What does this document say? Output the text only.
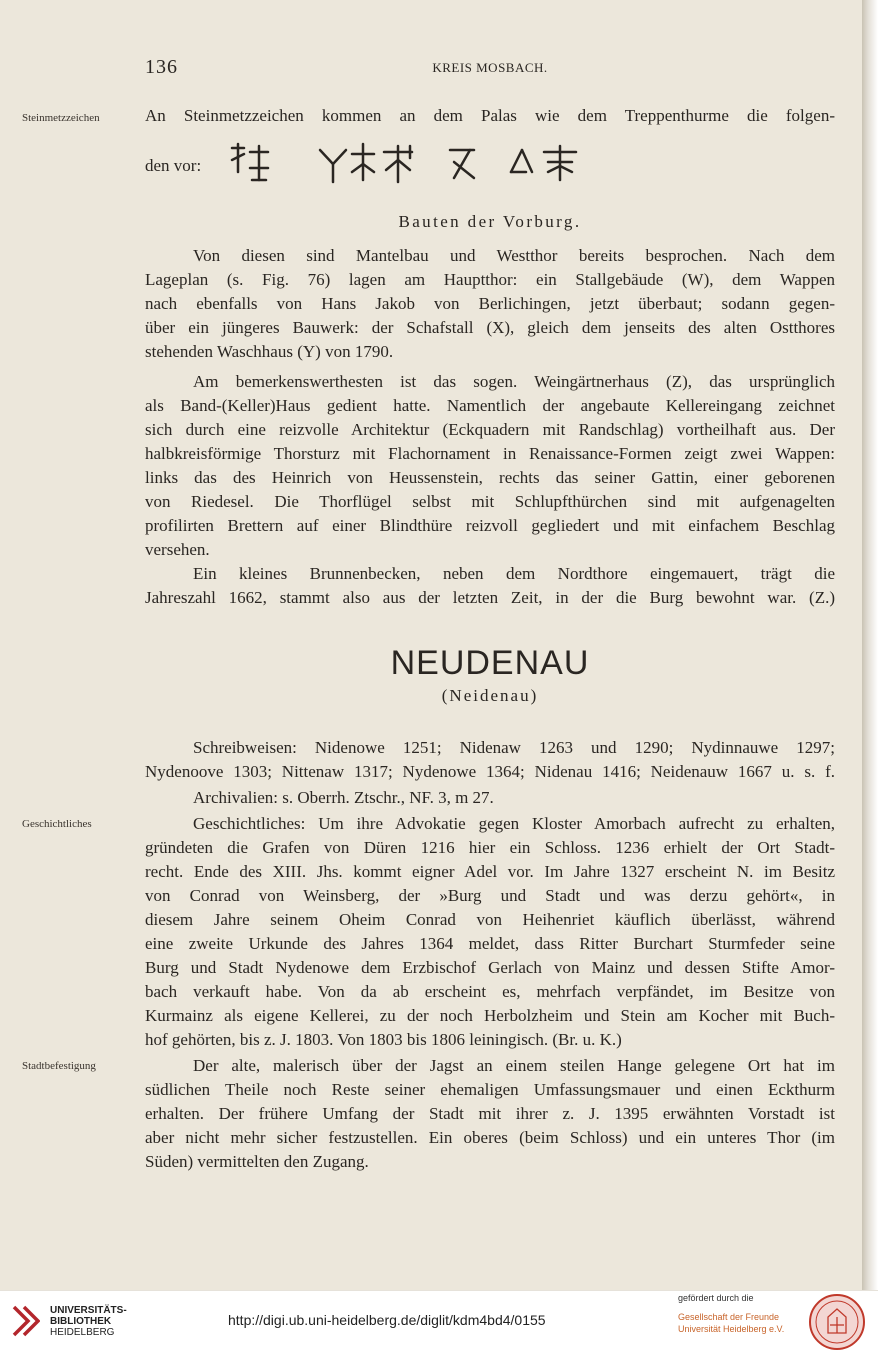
136	KREIS MOSBACH.
Steinmetzzeichen
Geschichtliches
Stadtbefestigung
An Steinmetzzeichen kommen an dem Palas wie dem Treppenthurme die folgen-
den vor:
Bauten der Vorburg.
Von diesen sind Mantelbau und Westthor bereits besprochen. Nach dem
Lageplan (s. Fig. 76) lagen am Hauptthor: ein Stallgebäude (W), dem Wappen
nach ebenfalls von Hans Jakob von Berlichingen, jetzt überbaut; sodann gegen-
über ein jüngeres Bauwerk: der Schafstall (X), gleich dem jenseits des alten Ostthores
stehenden Waschhaus (Y) von 1790.
Am bemerkenswerthesten ist das sogen. Weingärtnerhaus (Z), das ursprünglich
als Band-(Keller)Haus gedient hatte. Namentlich der angebaute Kellereingang zeichnet
sich durch eine reizvolle Architektur (Eckquadern mit Randschlag) vortheilhaft aus. Der
halbkreisförmige Thorsturz mit Flachornament in Renaissance-Formen zeigt zwei Wappen:
links das des Heinrich von Heussenstein, rechts das seiner Gattin, einer geborenen
von Riedesel. Die Thorflügel selbst mit Schlupfthürchen sind mit aufgenagelten
profilirten Brettern auf einer Blindthüre reizvoll gegliedert und mit einfachem Beschlag
versehen.
Ein kleines Brunnenbecken, neben dem Nordthore eingemauert, trägt die
Jahreszahl 1662, stammt also aus der letzten Zeit, in der die Burg bewohnt war. (Z.)
NEUDENAU
(Neidenau)
Schreibweisen: Nidenowe 1251; Nidenaw 1263 und 1290; Nydinnauwe 1297;
Nydenoove 1303; Nittenaw 1317; Nydenowe 1364; Nidenau 1416; Neidenauw 1667 u. s. f.
Archivalien: s. Oberrh. Ztschr., NF. 3, m 27.
Geschichtliches: Um ihre Advokatie gegen Kloster Amorbach aufrecht zu erhalten,
gründeten die Grafen von Düren 1216 hier ein Schloss. 1236 erhielt der Ort Stadt-
recht. Ende des XIII. Jhs. kommt eigner Adel vor. Im Jahre 1327 erscheint N. im Besitz
von Conrad von Weinsberg, der »Burg und Stadt und was derzu gehört«, in
diesem Jahre seinem Oheim Conrad von Heihenriet käuflich überlässt, während
eine zweite Urkunde des Jahres 1364 meldet, dass Ritter Burchart Sturmfeder seine
Burg und Stadt Nydenowe dem Erzbischof Gerlach von Mainz und dessen Stifte Amor-
bach verkauft habe. Von da ab erscheint es, mehrfach verpfändet, im Besitze von
Kurmainz als eigene Kellerei, zu der noch Herbolzheim und Stein am Kocher mit Buch-
hof gehörten, bis z. J. 1803. Von 1803 bis 1806 leiningisch. (Br. u. K.)
Der alte, malerisch über der Jagst an einem steilen Hange gelegene Ort hat im
südlichen Theile noch Reste seiner ehemaligen Umfassungsmauer und einen Eckthurm
erhalten. Der frühere Umfang der Stadt mit ihrer z. J. 1395 erwähnten Vorstadt ist
aber nicht mehr sicher festzustellen. Ein oberes (beim Schloss) und ein unteres Thor (im
Süden) vermittelten den Zugang.
UNIVERSITÄTS-
BIBLIOTHEK
HEIDELBERG
http://digi.ub.uni-heidelberg.de/diglit/kdm4bd4/0155
gefördert durch die
Gesellschaft der Freunde
Universität Heidelberg e.V.
